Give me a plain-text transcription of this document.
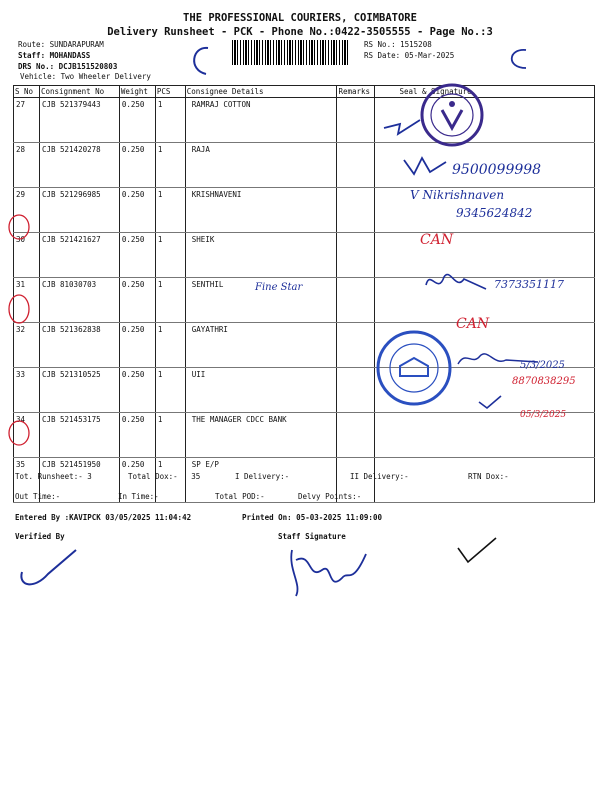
THE PROFESSIONAL COURIERS, COIMBATORE
Delivery Runsheet - PCK - Phone No.:0422-3505555 - Page No.:3
Route: SUNDARAPURAM
Staff: MOHANDASS
DRS No.: DCJB151520803
Vehicle: Two Wheeler Delivery
RS No.: 1515208
RS Date: 05-Mar-2025
S No	Consignment No	Weight	PCS	Consignee Details	Remarks	Seal & Signature
27	CJB 521379443	0.250	1	RAMRAJ COTTON		
28	CJB 521420278	0.250	1	RAJA		
29	CJB 521296985	0.250	1	KRISHNAVENI		
30	CJB 521421627	0.250	1	SHEIK		
31	CJB 81030703	0.250	1	SENTHIL		
32	CJB 521362838	0.250	1	GAYATHRI		
33	CJB 521310525	0.250	1	UII		
34	CJB 521453175	0.250	1	THE MANAGER CDCC BANK		
35	CJB 521451950	0.250	1	SP E/P		
9500099998
V Nikrishnaven
9345624842
CAN
Fine Star	7373351117
CAN
5/3/2025
8870838295
05/3/2025
Tot. Runsheet:- 3	Total Dox:-   35	I Delivery:-	II Delivery:-	RTN Dox:-
Out Time:-	In Time:-	Total POD:-	Delvy Points:-
Entered By :KAVIPCK 03/05/2025 11:04:42	Printed On: 05-03-2025 11:09:00
Verified By	Staff Signature
